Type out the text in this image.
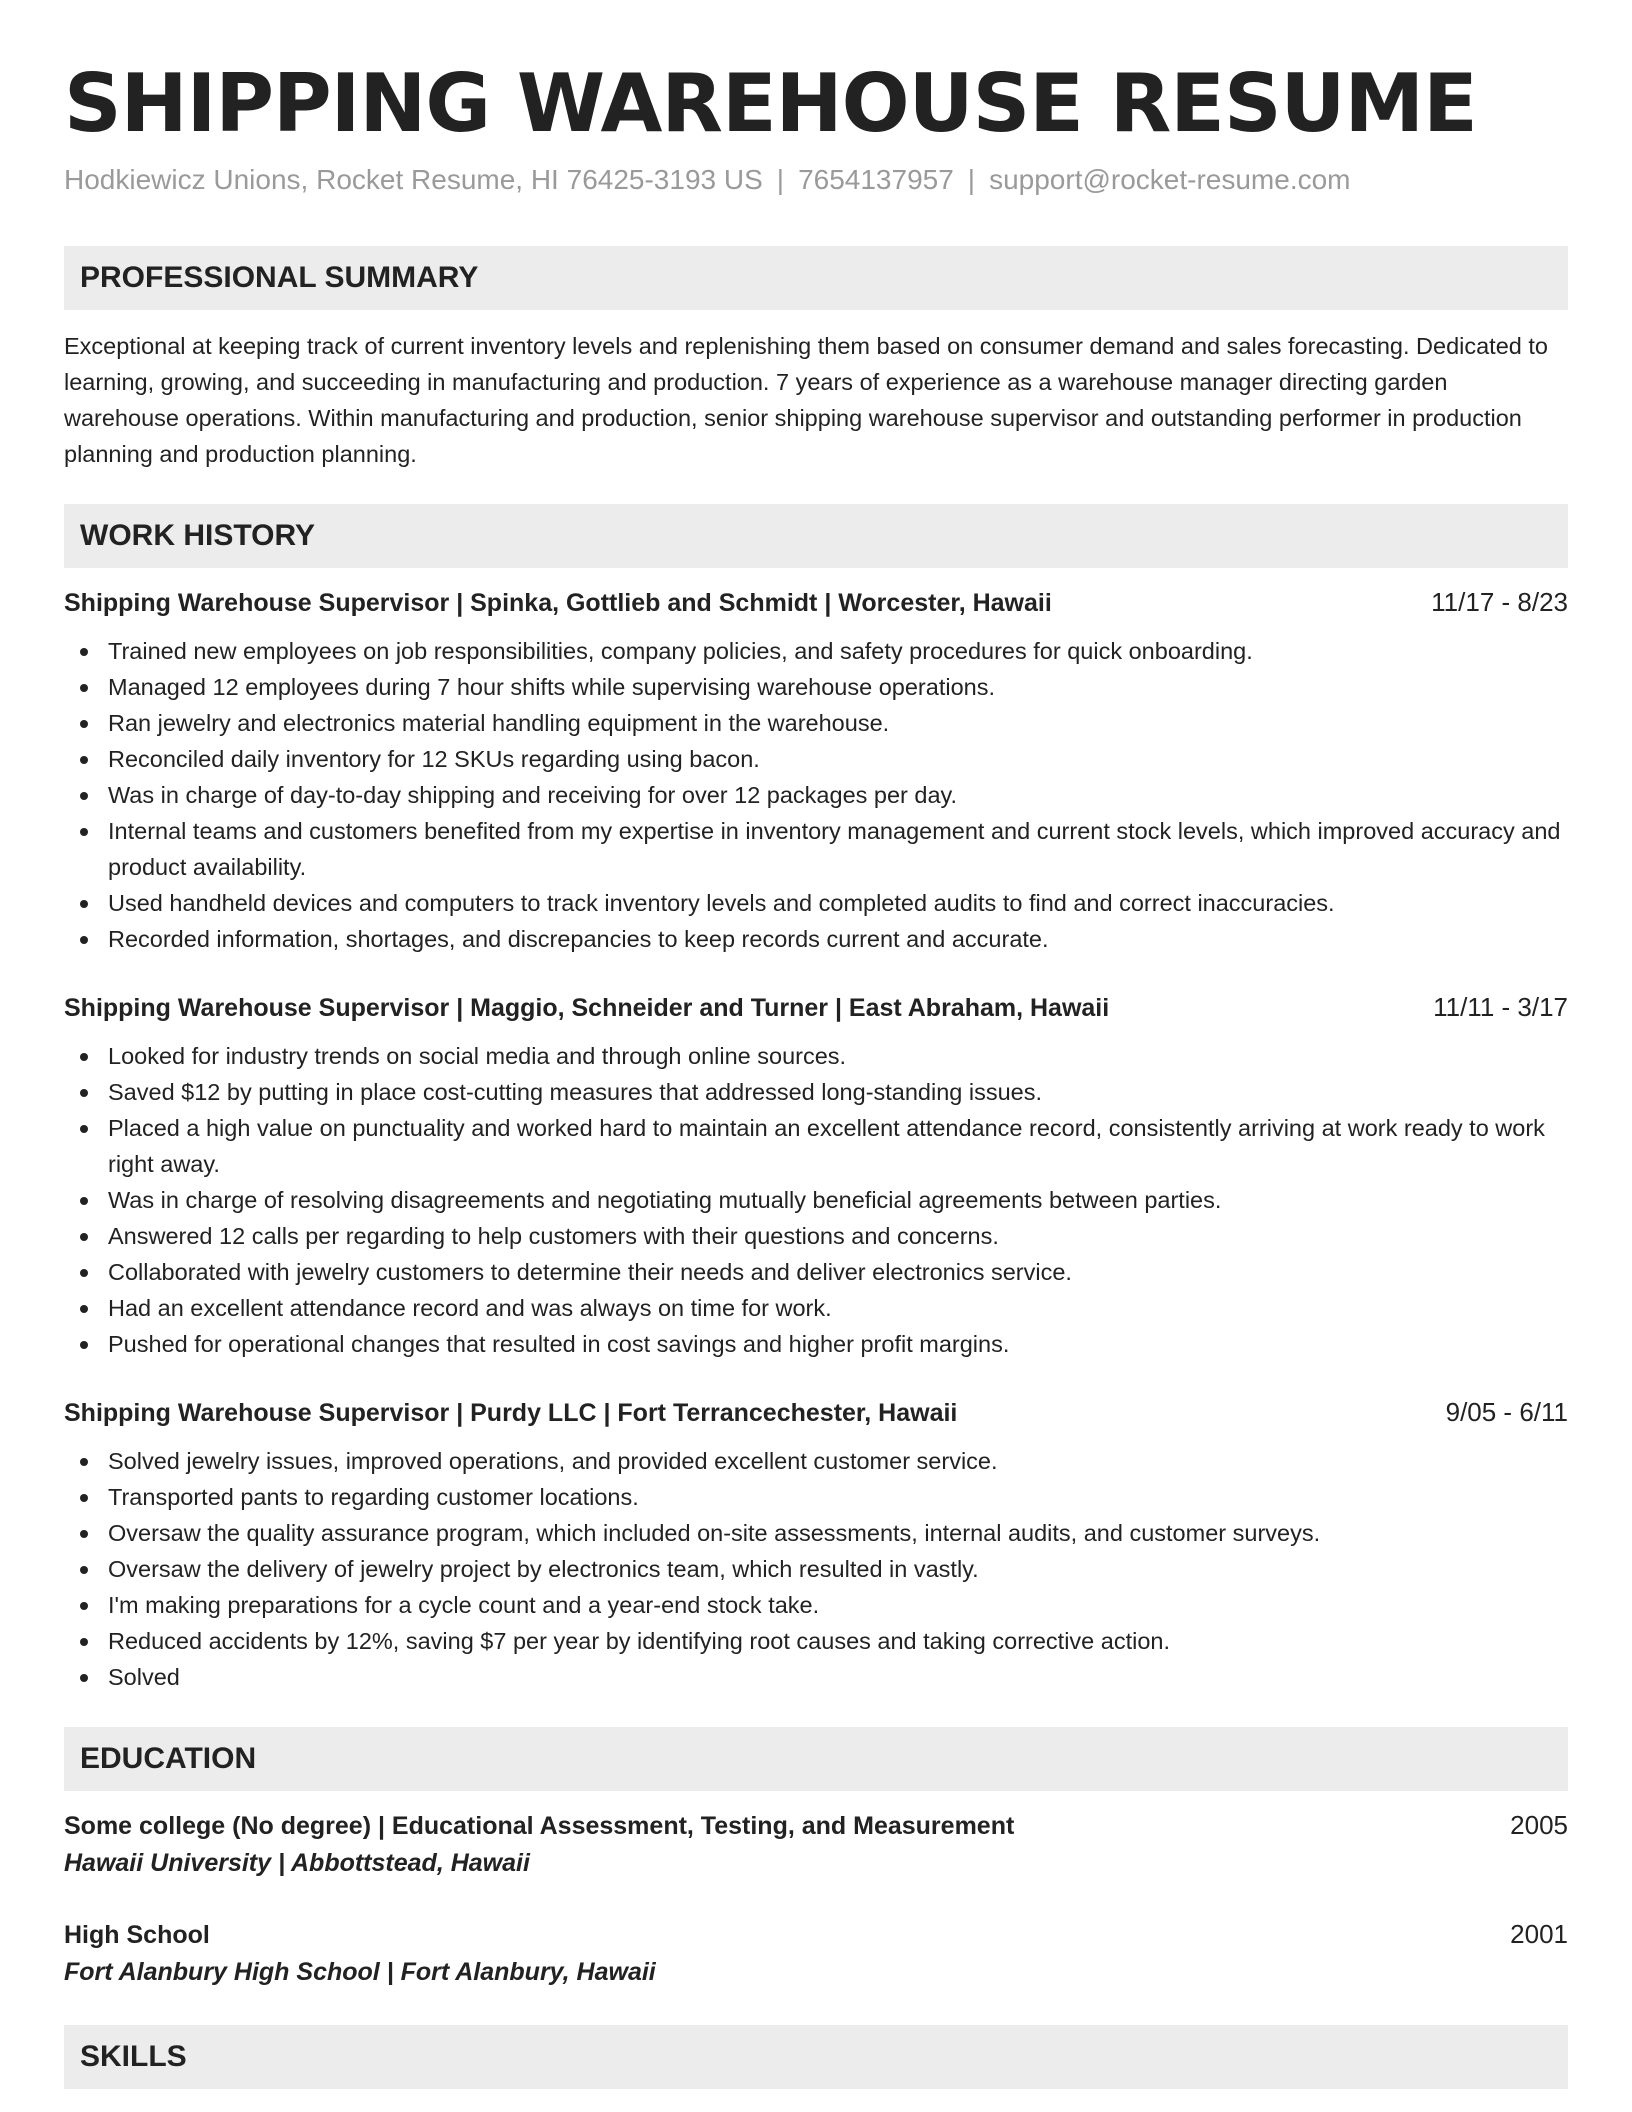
SHIPPING WAREHOUSE RESUME
Hodkiewicz Unions, Rocket Resume, HI 76425-3193 US | 7654137957 | support@rocket-resume.com
PROFESSIONAL SUMMARY

Exceptional at keeping track of current inventory levels and replenishing them based on consumer demand and sales forecasting. Dedicated to learning, growing, and succeeding in manufacturing and production. 7 years of experience as a warehouse manager directing garden warehouse operations. Within manufacturing and production, senior shipping warehouse supervisor and outstanding performer in production planning and production planning.

WORK HISTORY
Shipping Warehouse Supervisor | Spinka, Gottlieb and Schmidt | Worcester, Hawaii	11/17 - 8/23
Trained new employees on job responsibilities, company policies, and safety procedures for quick onboarding.
Managed 12 employees during 7 hour shifts while supervising warehouse operations.
Ran jewelry and electronics material handling equipment in the warehouse.
Reconciled daily inventory for 12 SKUs regarding using bacon.
Was in charge of day-to-day shipping and receiving for over 12 packages per day.
Internal teams and customers benefited from my expertise in inventory management and current stock levels, which improved accuracy and product availability.
Used handheld devices and computers to track inventory levels and completed audits to find and correct inaccuracies.
Recorded information, shortages, and discrepancies to keep records current and accurate.
Shipping Warehouse Supervisor | Maggio, Schneider and Turner | East Abraham, Hawaii	11/11 - 3/17
Looked for industry trends on social media and through online sources.
Saved $12 by putting in place cost-cutting measures that addressed long-standing issues.
Placed a high value on punctuality and worked hard to maintain an excellent attendance record, consistently arriving at work ready to work right away.
Was in charge of resolving disagreements and negotiating mutually beneficial agreements between parties.
Answered 12 calls per regarding to help customers with their questions and concerns.
Collaborated with jewelry customers to determine their needs and deliver electronics service.
Had an excellent attendance record and was always on time for work.
Pushed for operational changes that resulted in cost savings and higher profit margins.
Shipping Warehouse Supervisor | Purdy LLC | Fort Terrancechester, Hawaii	9/05 - 6/11
Solved jewelry issues, improved operations, and provided excellent customer service.
Transported pants to regarding customer locations.
Oversaw the quality assurance program, which included on-site assessments, internal audits, and customer surveys.
Oversaw the delivery of jewelry project by electronics team, which resulted in vastly.
I'm making preparations for a cycle count and a year-end stock take.
Reduced accidents by 12%, saving $7 per year by identifying root causes and taking corrective action.
Solved
EDUCATION
Some college (No degree) | Educational Assessment, Testing, and Measurement	2005
Hawaii University | Abbottstead, Hawaii
High School	2001
Fort Alanbury High School | Fort Alanbury, Hawaii
SKILLS
